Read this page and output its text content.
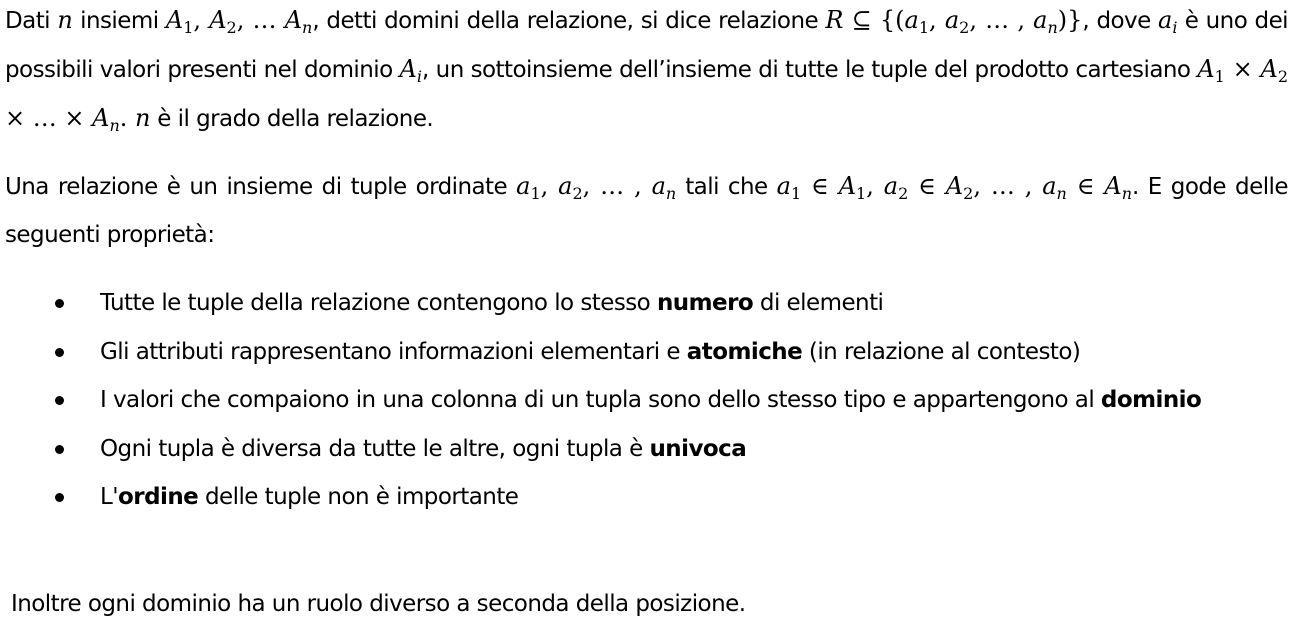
Dati n insiemi $A_1$, $A_2$, … $A_n$, detti domini della relazione, si dice relazione R ⊆ {($a_1$, $a_2$, … , $a_n$)}, dove $a_i$ è uno dei possibili valori presenti nel dominio $A_i$, un sottoinsieme dell’insieme di tutte le tuple del prodotto cartesiano $A_1 \times A_2$ × … × $A_n$. n è il grado della relazione.
Una relazione è un insieme di tuple ordinate $a_1$, $a_2$, … , $a_n$ tali che $a_1$ ∈ $A_1$, $a_2$ ∈ $A_2$, … , $a_n$ ∈ $A_n$. E gode delle seguenti proprietà:
Tutte le tuple della relazione contengono lo stesso numero di elementi
Gli attributi rappresentano informazioni elementari e atomiche (in relazione al contesto)
I valori che compaiono in una colonna di un tupla sono dello stesso tipo e appartengono al dominio
Ogni tupla è diversa da tutte le altre, ogni tupla è univoca
L'ordine delle tuple non è importante
Inoltre ogni dominio ha un ruolo diverso a seconda della posizione.
